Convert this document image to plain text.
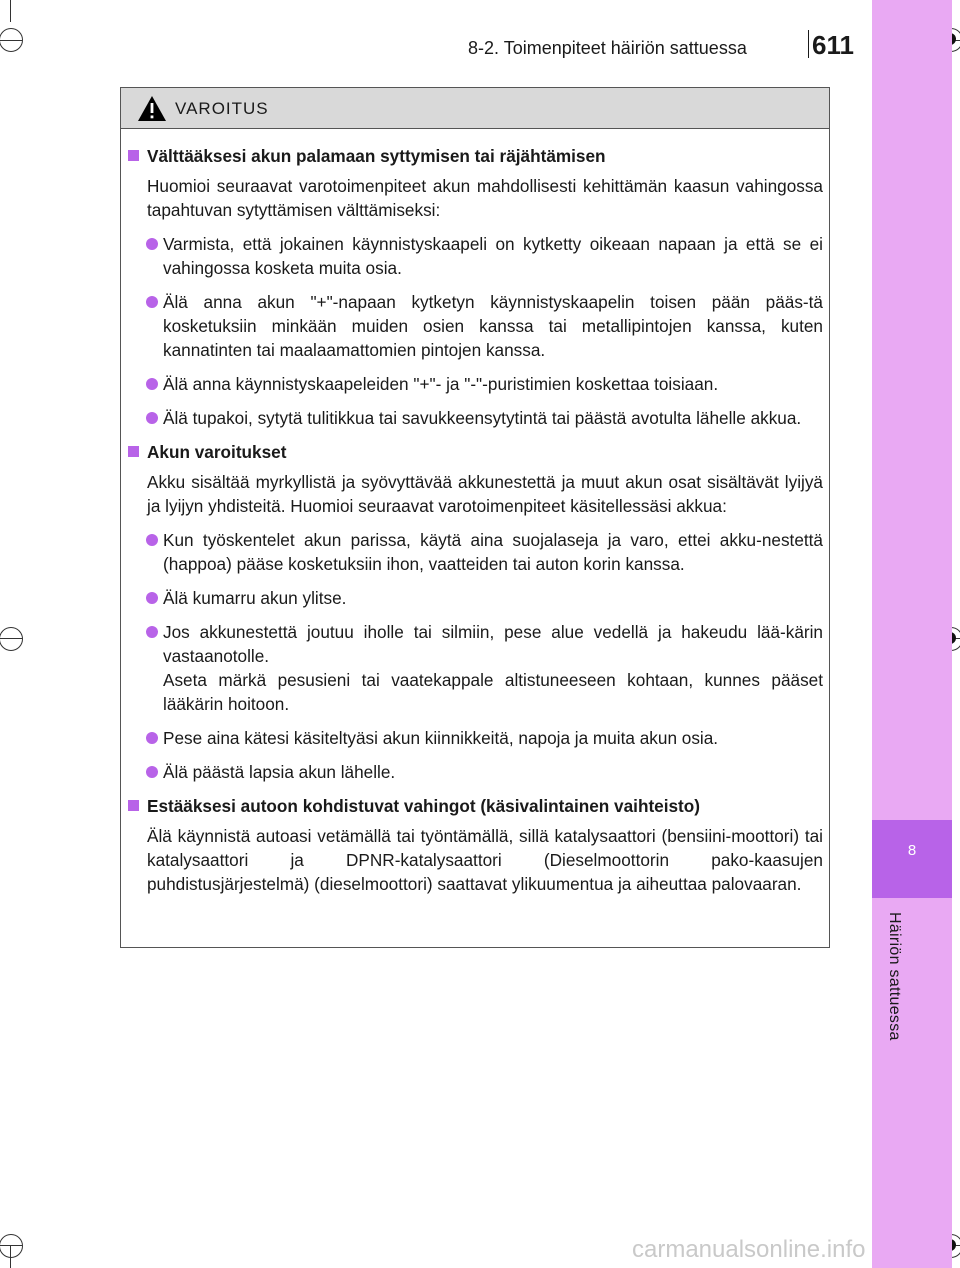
8
Häiriön sattuessa
8-2. Toimenpiteet häiriön sattuessa	611
VAROITUS
Välttääksesi akun palamaan syttymisen tai räjähtämisen
Huomioi seuraavat varotoimenpiteet akun mahdollisesti kehittämän kaasun vahingossa tapahtuvan sytyttämisen välttämiseksi:
Varmista, että jokainen käynnistyskaapeli on kytketty oikeaan napaan ja että se ei vahingossa kosketa muita osia.
Älä anna akun "+"-napaan kytketyn käynnistyskaapelin toisen pään pääs-tä kosketuksiin minkään muiden osien kanssa tai metallipintojen kanssa, kuten kannatinten tai maalaamattomien pintojen kanssa.
Älä anna käynnistyskaapeleiden "+"- ja "-"-puristimien koskettaa toisiaan.
Älä tupakoi, sytytä tulitikkua tai savukkeensytytintä tai päästä avotulta lähelle akkua.
Akun varoitukset
Akku sisältää myrkyllistä ja syövyttävää akkunestettä ja muut akun osat sisältävät lyijyä ja lyijyn yhdisteitä. Huomioi seuraavat varotoimenpiteet käsitellessäsi akkua:
Kun työskentelet akun parissa, käytä aina suojalaseja ja varo, ettei akku-nestettä (happoa) pääse kosketuksiin ihon, vaatteiden tai auton korin kanssa.
Älä kumarru akun ylitse.
Jos akkunestettä joutuu iholle tai silmiin, pese alue vedellä ja hakeudu lää-kärin vastaanotolle.
Aseta märkä pesusieni tai vaatekappale altistuneeseen kohtaan, kunnes pääset lääkärin hoitoon.
Pese aina kätesi käsiteltyäsi akun kiinnikkeitä, napoja ja muita akun osia.
Älä päästä lapsia akun lähelle.
Estääksesi autoon kohdistuvat vahingot (käsivalintainen vaihteisto)
Älä käynnistä autoasi vetämällä tai työntämällä, sillä katalysaattori (bensiini-moottori) tai katalysaattori ja DPNR-katalysaattori (Dieselmoottorin pako-kaasujen puhdistusjärjestelmä) (dieselmoottori) saattavat ylikuumentua ja aiheuttaa palovaaran.
carmanualsonline.info
